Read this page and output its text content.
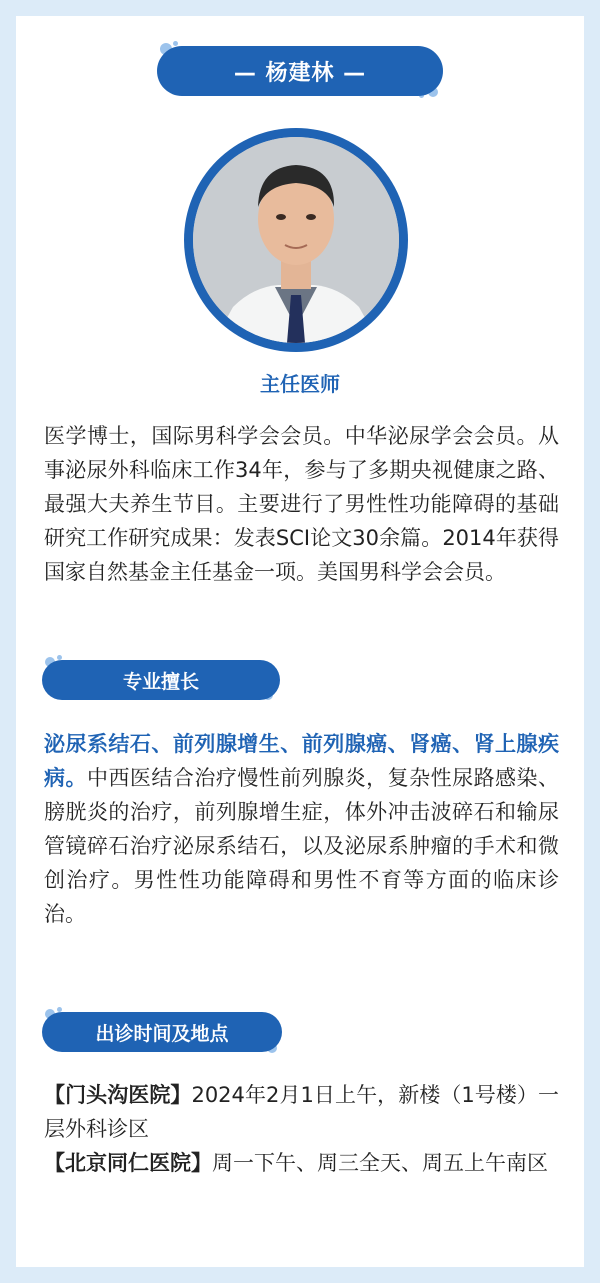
— 杨建林 —
主任医师

医学博士，国际男科学会会员。中华泌尿学会会员。从事泌尿外科临床工作34年，参与了多期央视健康之路、最强大夫养生节目。主要进行了男性性功能障碍的基础研究工作研究成果：发表SCI论文30余篇。2014年获得国家自然基金主任基金一项。美国男科学会会员。

专业擅长

泌尿系结石、前列腺增生、前列腺癌、肾癌、肾上腺疾病。中西医结合治疗慢性前列腺炎，复杂性尿路感染、膀胱炎的治疗，前列腺增生症，体外冲击波碎石和输尿管镜碎石治疗泌尿系结石，以及泌尿系肿瘤的手术和微创治疗。男性性功能障碍和男性不育等方面的临床诊治。

出诊时间及地点

【门头沟医院】2024年2月1日上午，新楼（1号楼）一层外科诊区

【北京同仁医院】周一下午、周三全天、周五上午南区
